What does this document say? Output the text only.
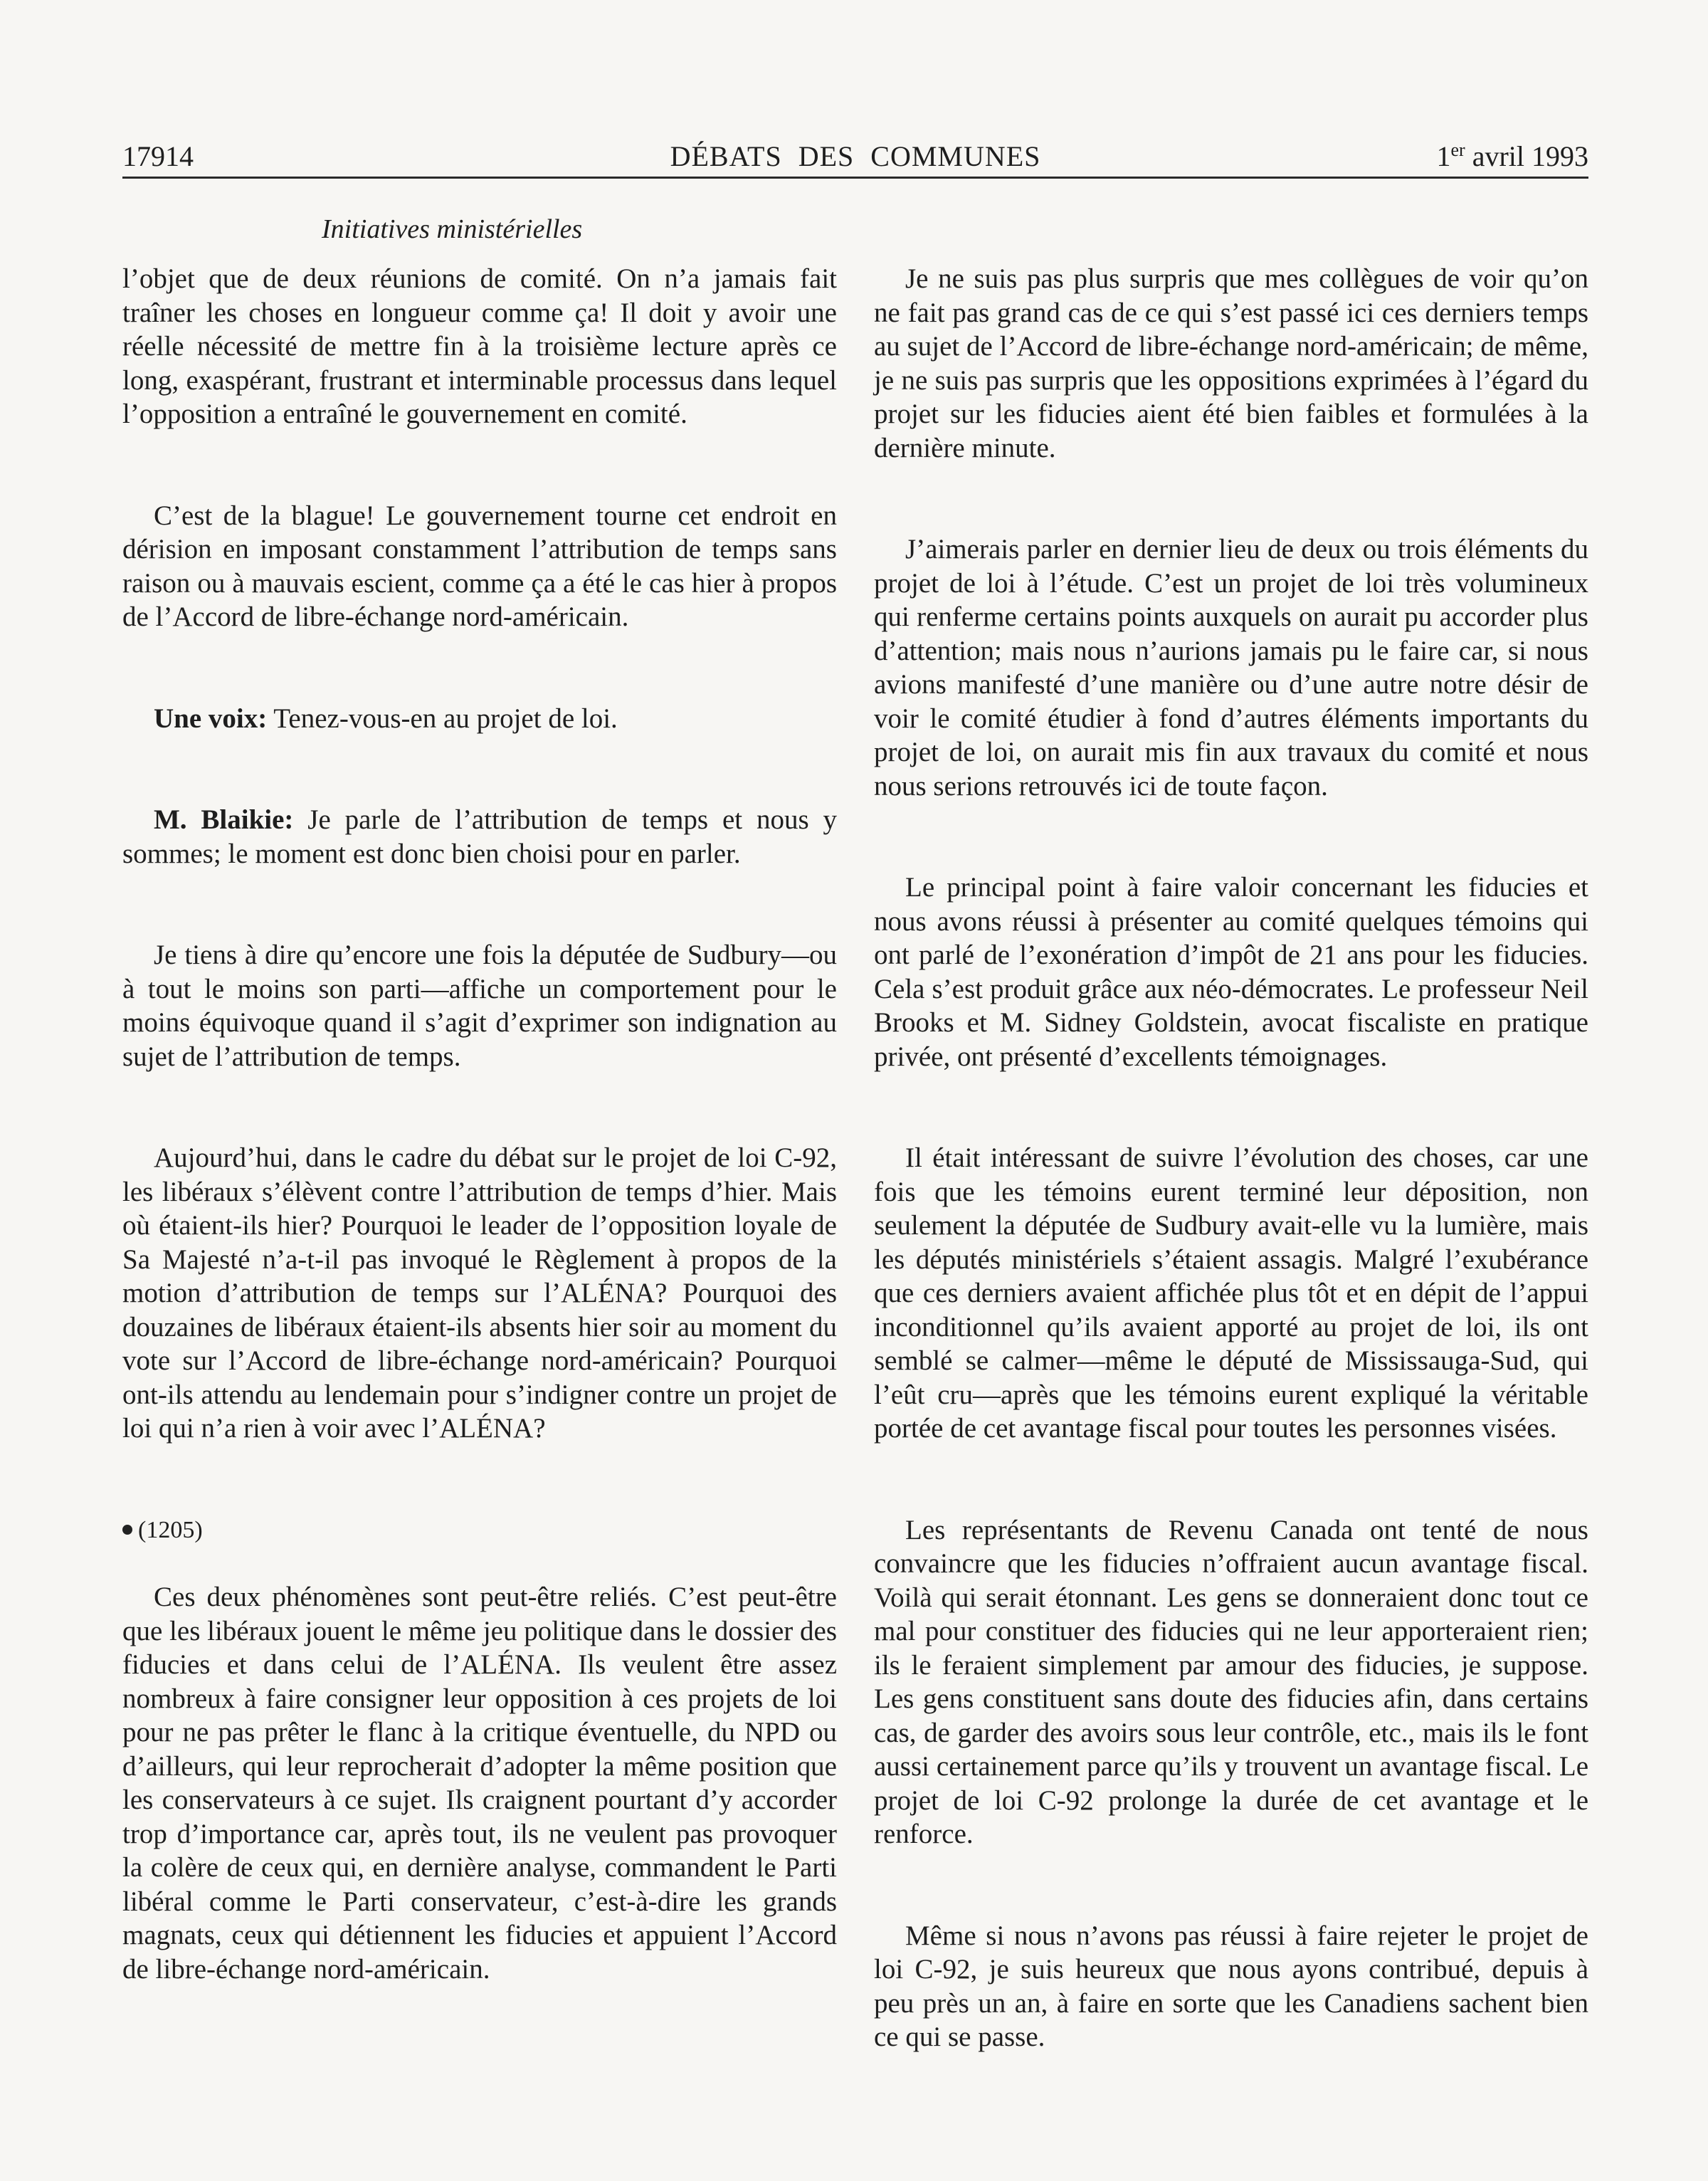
17914	DÉBATS DES COMMUNES	1er avril 1993
Initiatives ministérielles

l’objet que de deux réunions de comité. On n’a jamais fait traîner les choses en longueur comme ça! Il doit y avoir une réelle nécessité de mettre fin à la troisième lecture après ce long, exaspérant, frustrant et interminable processus dans lequel l’opposition a entraîné le gouvernement en comité.

C’est de la blague! Le gouvernement tourne cet endroit en dérision en imposant constamment l’attribution de temps sans raison ou à mauvais escient, comme ça a été le cas hier à propos de l’Accord de libre-échange nord-américain.

Une voix: Tenez-vous-en au projet de loi.

M. Blaikie: Je parle de l’attribution de temps et nous y sommes; le moment est donc bien choisi pour en parler.

Je tiens à dire qu’encore une fois la députée de Sudbury—ou à tout le moins son parti—affiche un comportement pour le moins équivoque quand il s’agit d’exprimer son indignation au sujet de l’attribution de temps.

Aujourd’hui, dans le cadre du débat sur le projet de loi C-92, les libéraux s’élèvent contre l’attribution de temps d’hier. Mais où étaient-ils hier? Pourquoi le leader de l’opposition loyale de Sa Majesté n’a-t-il pas invoqué le Règlement à propos de la motion d’attribution de temps sur l’ALÉNA? Pourquoi des douzaines de libéraux étaient-ils absents hier soir au moment du vote sur l’Accord de libre-échange nord-américain? Pourquoi ont-ils attendu au lendemain pour s’indigner contre un projet de loi qui n’a rien à voir avec l’ALÉNA?

(1205)

Ces deux phénomènes sont peut-être reliés. C’est peut-être que les libéraux jouent le même jeu politique dans le dossier des fiducies et dans celui de l’ALÉNA. Ils veulent être assez nombreux à faire consigner leur opposition à ces projets de loi pour ne pas prêter le flanc à la critique éventuelle, du NPD ou d’ailleurs, qui leur reprocherait d’adopter la même position que les conservateurs à ce sujet. Ils craignent pourtant d’y accorder trop d’importance car, après tout, ils ne veulent pas provoquer la colère de ceux qui, en dernière analyse, commandent le Parti libéral comme le Parti conservateur, c’est-à-dire les grands magnats, ceux qui détiennent les fiducies et appuient l’Accord de libre-échange nord-américain.

Je ne suis pas plus surpris que mes collègues de voir qu’on ne fait pas grand cas de ce qui s’est passé ici ces derniers temps au sujet de l’Accord de libre-échange nord-américain; de même, je ne suis pas surpris que les oppositions exprimées à l’égard du projet sur les fiducies aient été bien faibles et formulées à la dernière minute.

J’aimerais parler en dernier lieu de deux ou trois éléments du projet de loi à l’étude. C’est un projet de loi très volumineux qui renferme certains points auxquels on aurait pu accorder plus d’attention; mais nous n’aurions jamais pu le faire car, si nous avions manifesté d’une manière ou d’une autre notre désir de voir le comité étudier à fond d’autres éléments importants du projet de loi, on aurait mis fin aux travaux du comité et nous nous serions retrouvés ici de toute façon.

Le principal point à faire valoir concernant les fiducies et nous avons réussi à présenter au comité quelques témoins qui ont parlé de l’exonération d’impôt de 21 ans pour les fiducies. Cela s’est produit grâce aux néo-démocrates. Le professeur Neil Brooks et M. Sidney Goldstein, avocat fiscaliste en pratique privée, ont présenté d’excellents témoignages.

Il était intéressant de suivre l’évolution des choses, car une fois que les témoins eurent terminé leur déposition, non seulement la députée de Sudbury avait-elle vu la lumière, mais les députés ministériels s’étaient assagis. Malgré l’exubérance que ces derniers avaient affichée plus tôt et en dépit de l’appui inconditionnel qu’ils avaient apporté au projet de loi, ils ont semblé se calmer—même le député de Mississauga-Sud, qui l’eût cru—après que les témoins eurent expliqué la véritable portée de cet avantage fiscal pour toutes les personnes visées.

Les représentants de Revenu Canada ont tenté de nous convaincre que les fiducies n’offraient aucun avantage fiscal. Voilà qui serait étonnant. Les gens se donneraient donc tout ce mal pour constituer des fiducies qui ne leur apporteraient rien; ils le feraient simplement par amour des fiducies, je suppose. Les gens constituent sans doute des fiducies afin, dans certains cas, de garder des avoirs sous leur contrôle, etc., mais ils le font aussi certainement parce qu’ils y trouvent un avantage fiscal. Le projet de loi C-92 prolonge la durée de cet avantage et le renforce.

Même si nous n’avons pas réussi à faire rejeter le projet de loi C-92, je suis heureux que nous ayons contribué, depuis à peu près un an, à faire en sorte que les Canadiens sachent bien ce qui se passe.
